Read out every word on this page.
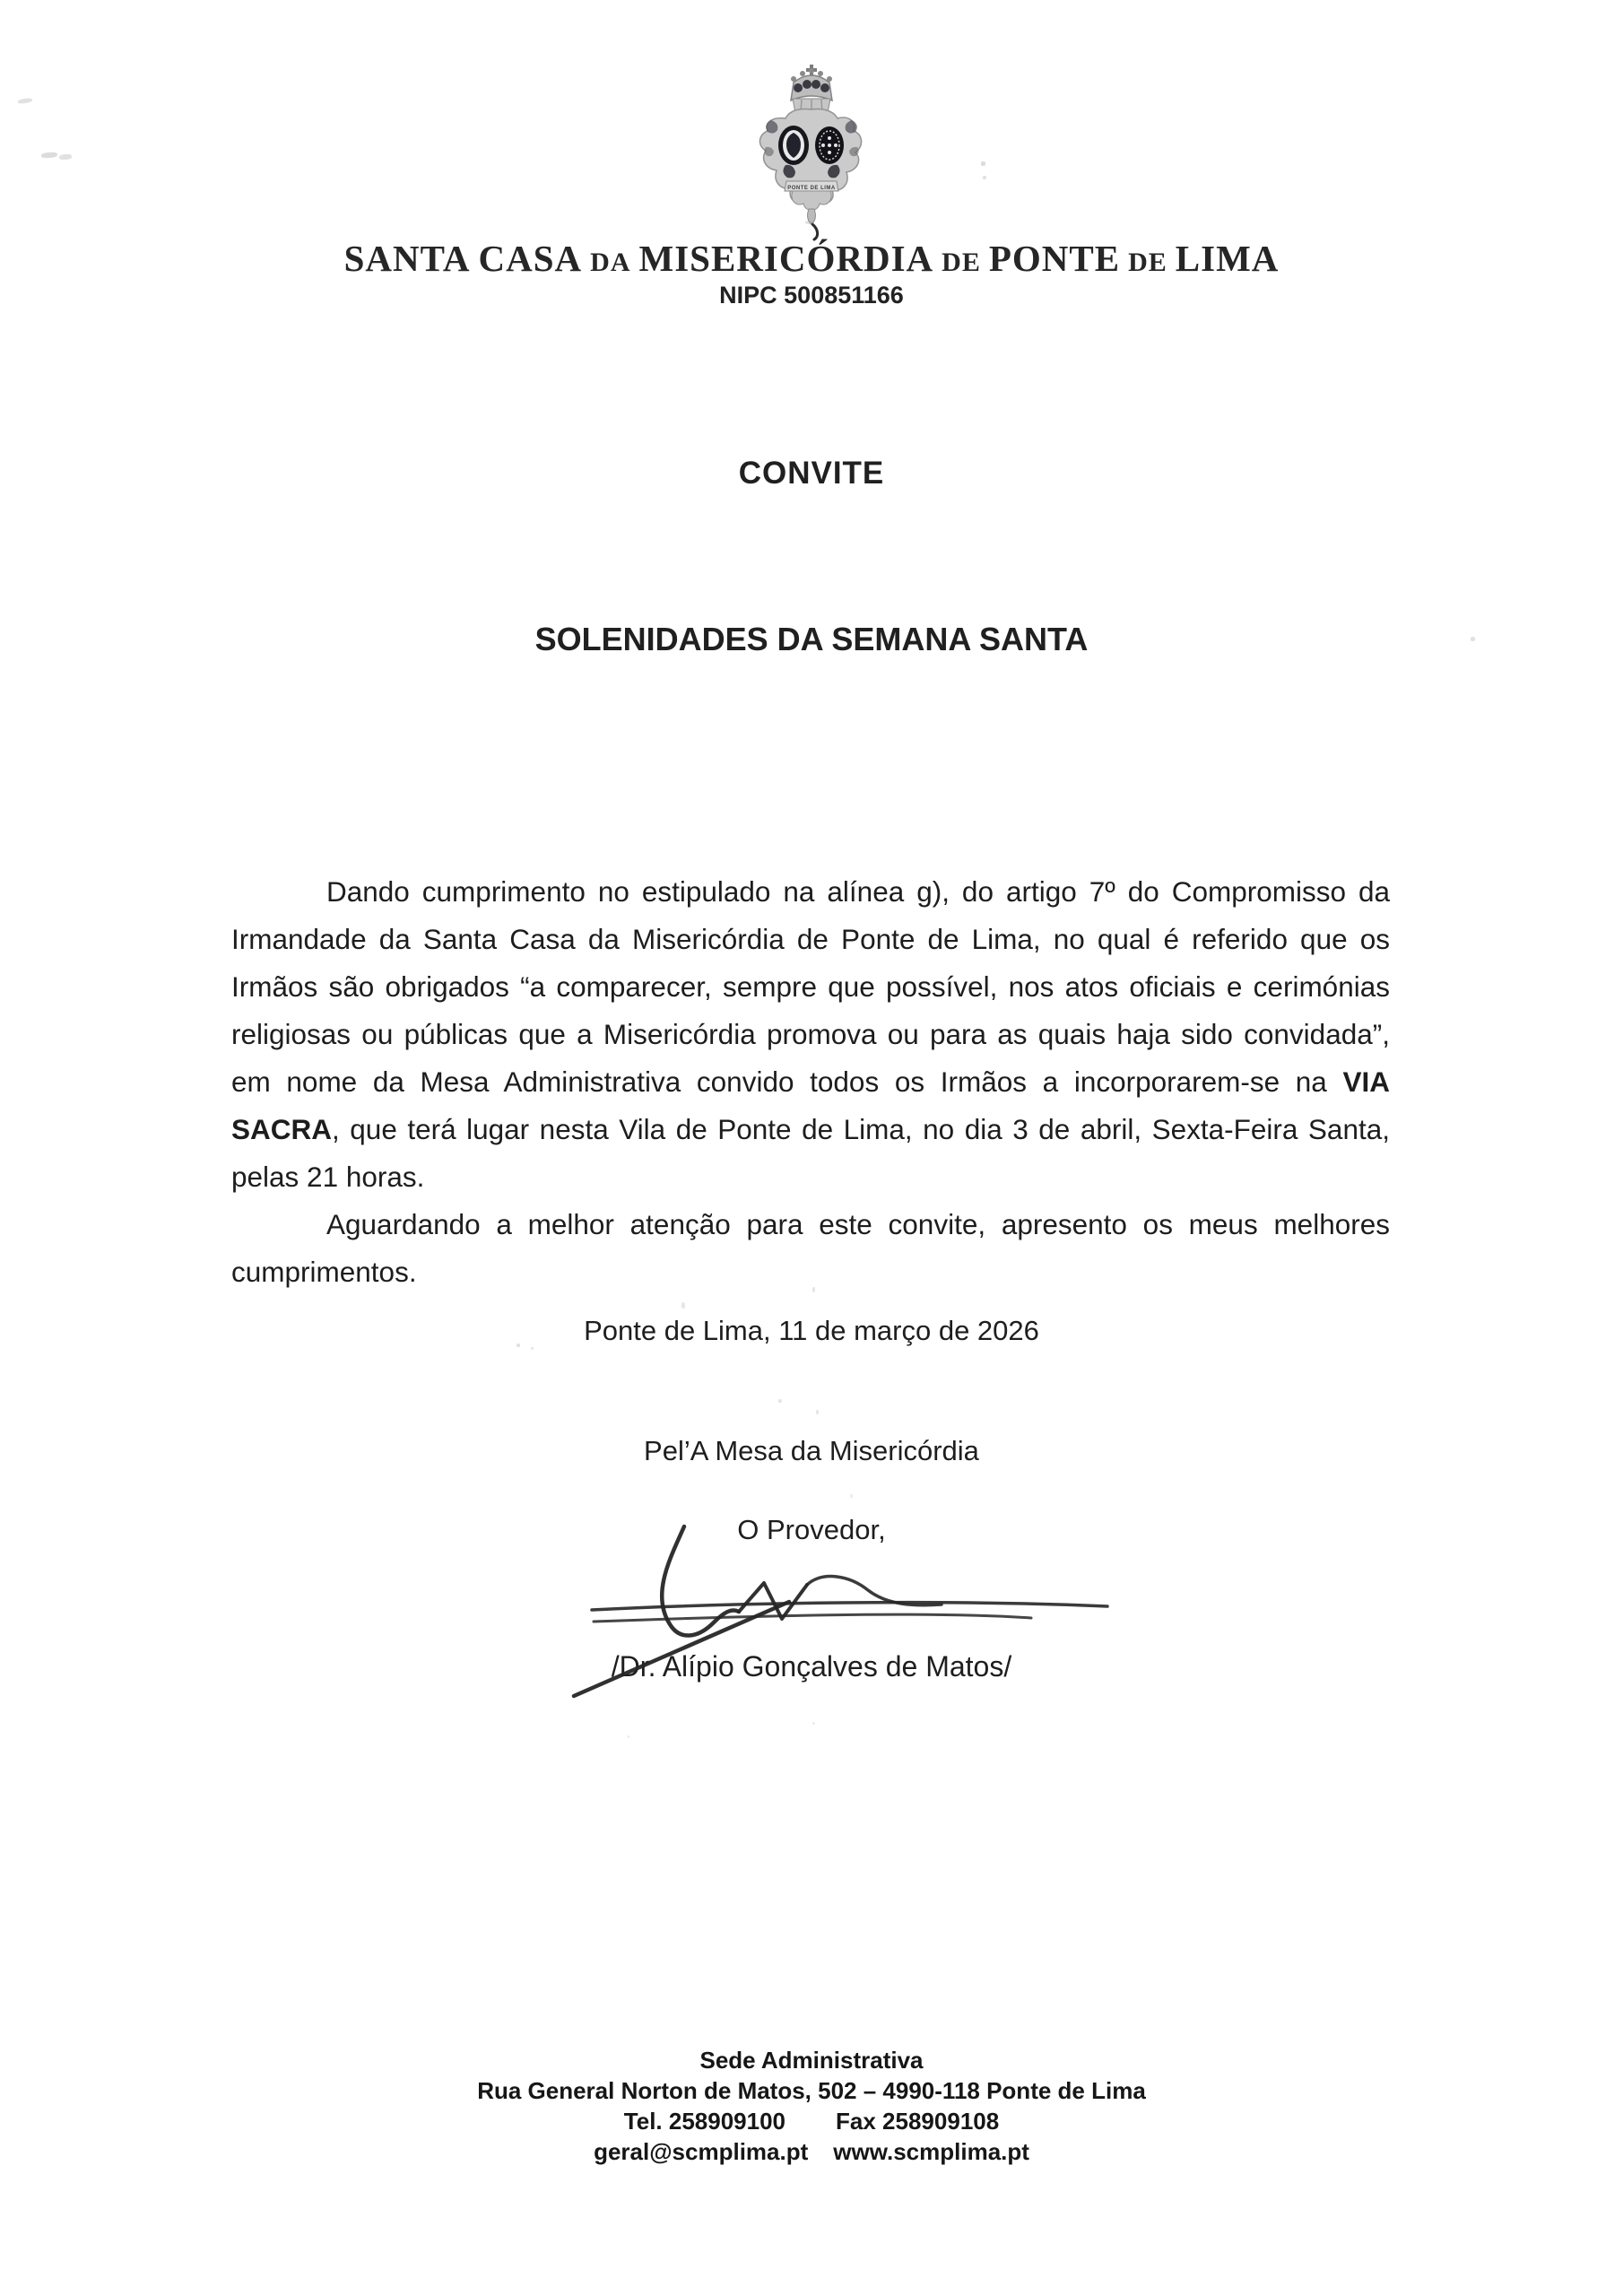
PONTE DE LIMA
SANTA CASA DA MISERICÓRDIA DE PONTE DE LIMA
NIPC 500851166
CONVITE
SOLENIDADES DA SEMANA SANTA

Dando cumprimento no estipulado na alínea g), do artigo 7º do Compromisso da Irmandade da Santa Casa da Misericórdia de Ponte de Lima, no qual é referido que os Irmãos são obrigados “a comparecer, sempre que possível, nos atos oficiais e cerimónias religiosas ou públicas que a Misericórdia promova ou para as quais haja sido convidada”, em nome da Mesa Administrativa convido todos os Irmãos a incorporarem-se na VIA SACRA, que terá lugar nesta Vila de Ponte de Lima, no dia 3 de abril, Sexta-Feira Santa, pelas 21 horas.

Aguardando a melhor atenção para este convite, apresento os meus melhores cumprimentos.

Ponte de Lima, 11 de março de 2026
Pel’A Mesa da Misericórdia
O Provedor,
/Dr. Alípio Gonçalves de Matos/
Sede Administrativa
Rua General Norton de Matos, 502 – 4990-118 Ponte de Lima
Tel. 258909100 Fax 258909108
geral@scmplima.pt www.scmplima.pt
